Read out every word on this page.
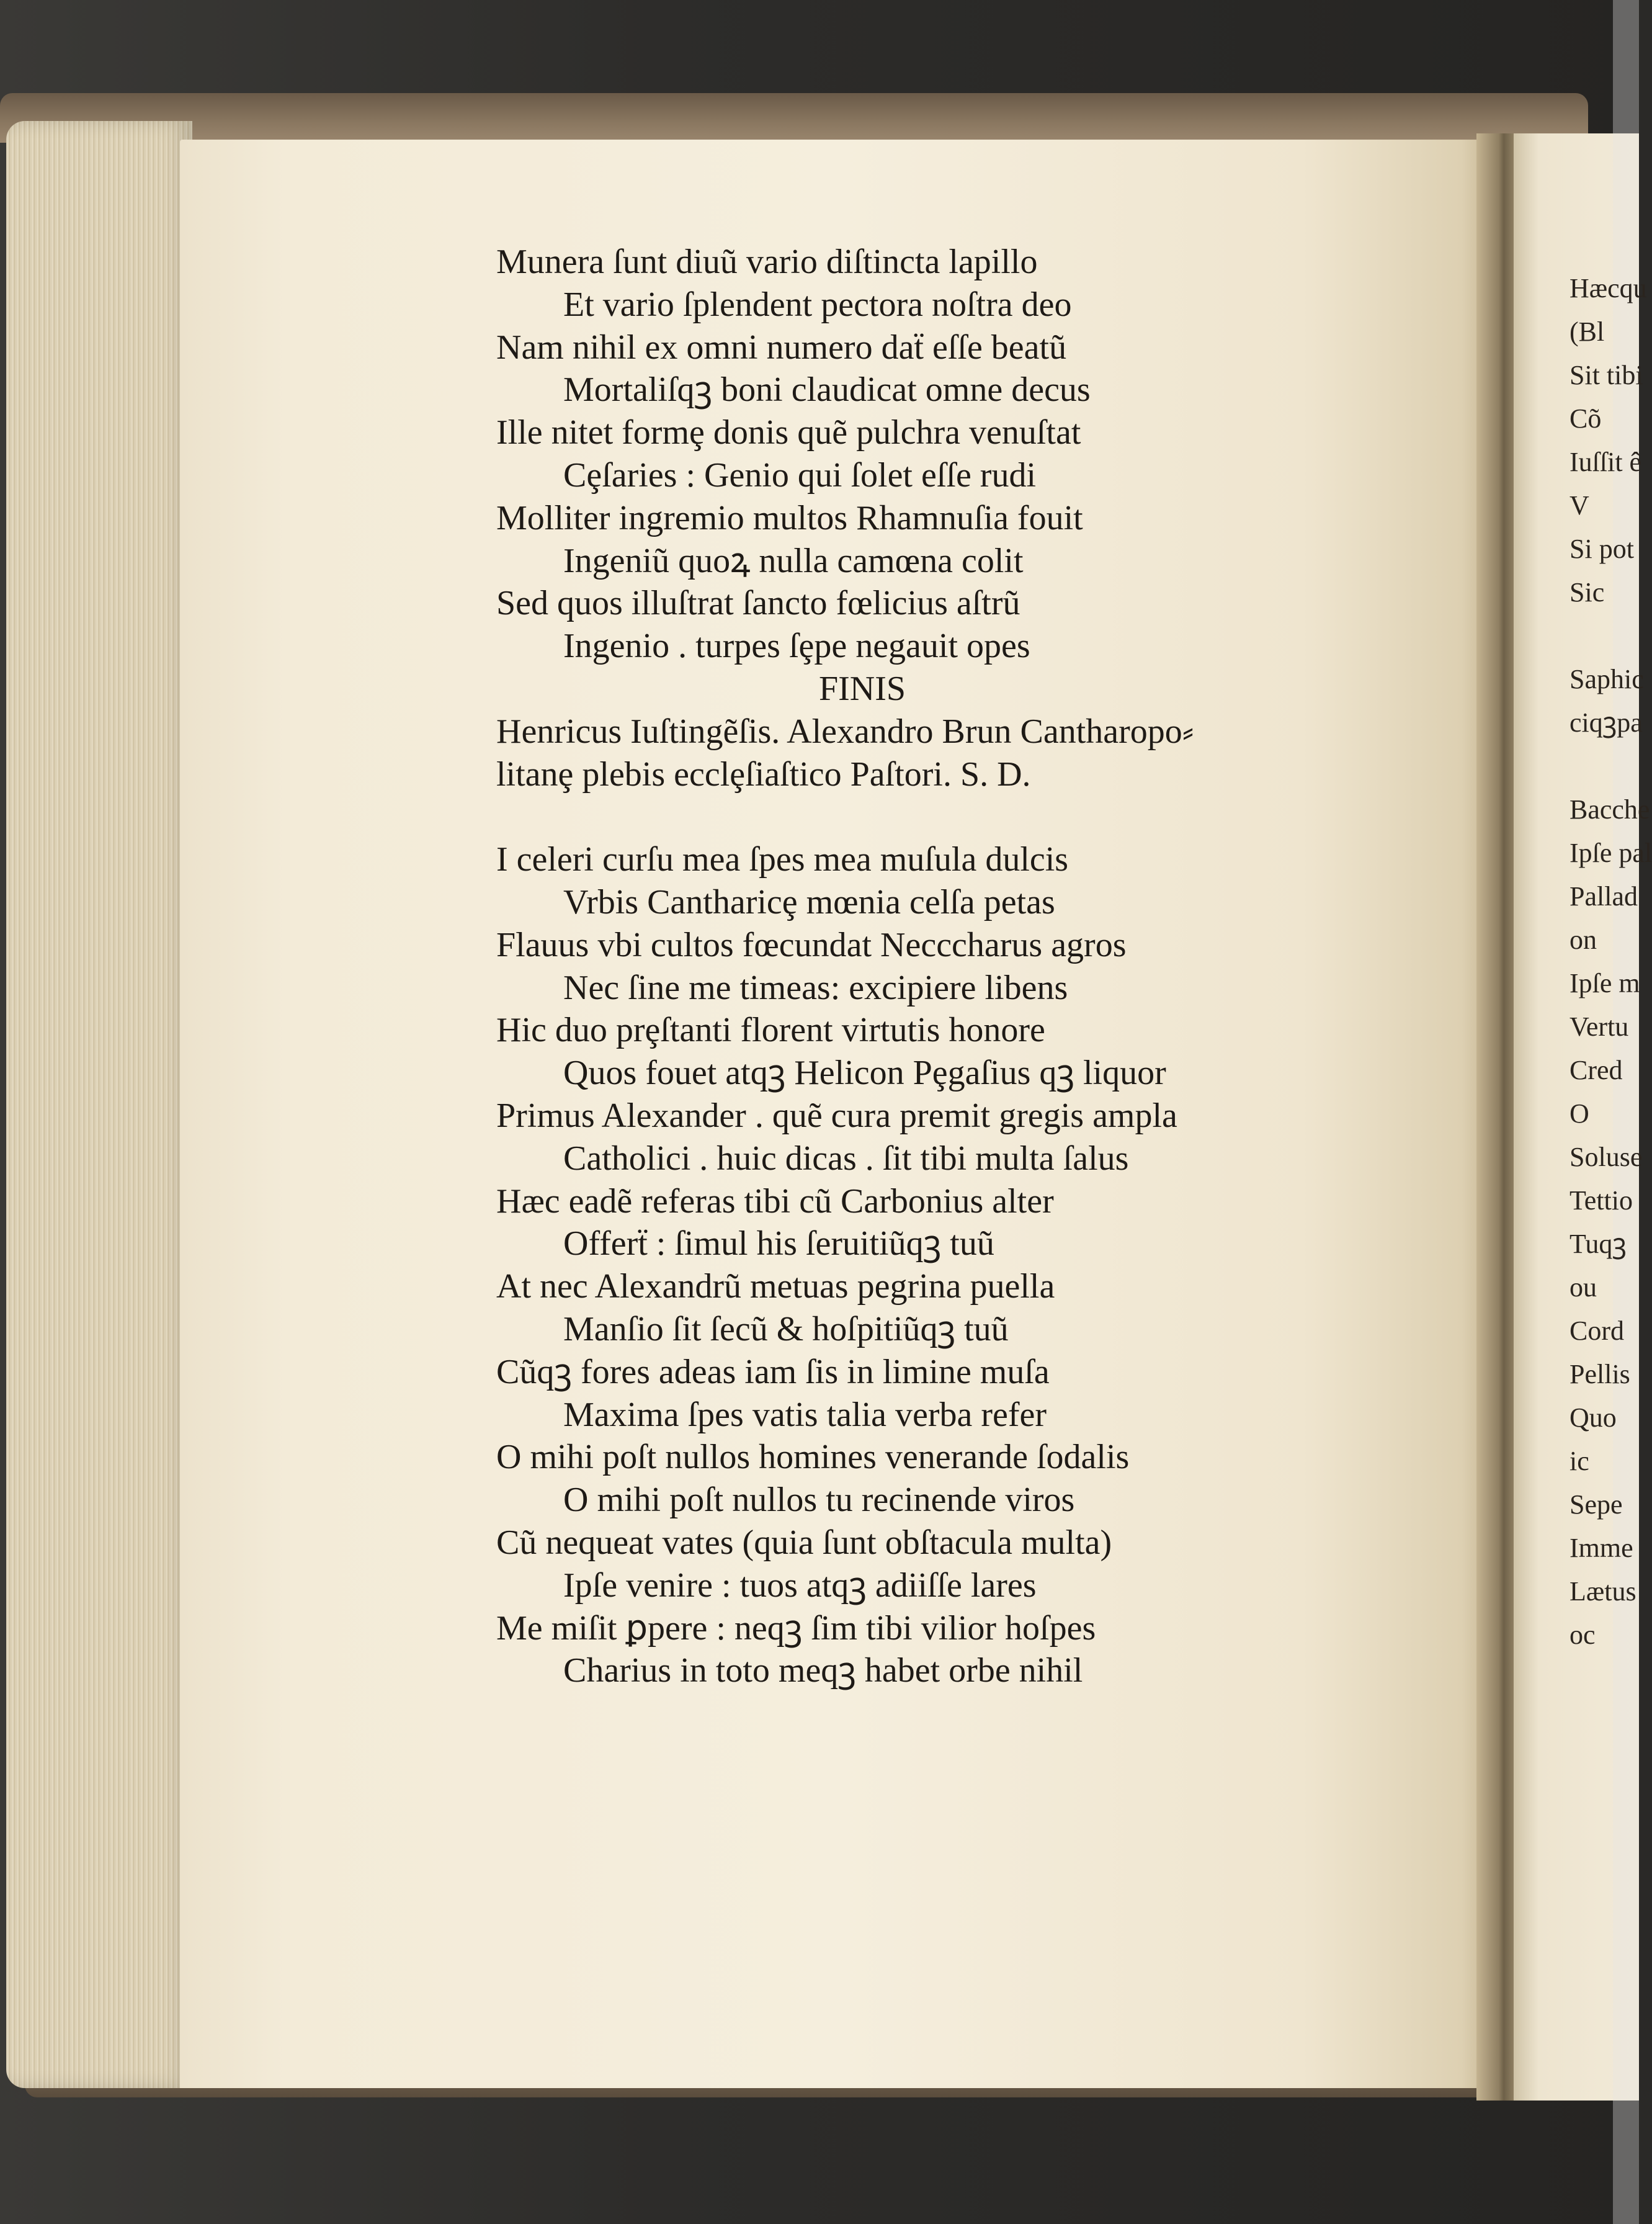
Munera ſunt diuũ vario diſtincta lapillo
Et vario ſplendent pectora noſtra deo
Nam nihil ex omni numero daẗ eſſe beatũ
Mortaliſqꝫ boni claudicat omne decus
Ille nitet formȩ donis quẽ pulchra venuſtat
Cȩſaries : Genio qui ſolet eſſe rudi
Molliter ingremio multos Rhamnuſia fouit
Ingeniũ quoꝝ nulla camœna colit
Sed quos illuſtrat ſancto fœlicius aſtrũ
Ingenio . turpes ſȩpe negauit opes
FINIS
Henricus Iuſtingẽſis. Alexandro Brun Cantharopo⸗
litanȩ plebis ecclȩſiaſtico Paſtori. S. D.
I celeri curſu mea ſpes mea muſula dulcis
Vrbis Cantharicȩ mœnia celſa petas
Flauus vbi cultos fœcundat Necccharus agros
Nec ſine me timeas: excipiere libens
Hic duo prȩſtanti florent virtutis honore
Quos fouet atqꝫ Helicon Pȩgaſius qꝫ liquor
Primus Alexander . quẽ cura premit gregis ampla
Catholici . huic dicas . ſit tibi multa ſalus
Hæc eadẽ referas tibi cũ Carbonius alter
Offerẗ : ſimul his ſeruitiũqꝫ tuũ
At nec Alexandrũ metuas pegrina puella
Manſio ſit ſecũ & hoſpitiũqꝫ tuũ
Cũqꝫ fores adeas iam ſis in limine muſa
Maxima ſpes vatis talia verba refer
O mihi poſt nullos homines venerande ſodalis
O mihi poſt nullos tu recinende viros
Cũ nequeat vates (quia ſunt obſtacula multa)
Ipſe venire : tuos atqꝫ adiiſſe lares
Me miſit ꝑpere : neqꝫ ſim tibi vilior hoſpes
Charius in toto meqꝫ habet orbe nihil
Hæcqu
(Bl
Sit tibi
Cõ
Iuſſit ê
V
Si pot
Sic
Saphic
ciqꝫpa
Bacche
Ipſe pal
Pallad
on
Ipſe m
Vertu
Cred
O
Soluse
Tettio
Tuqꝫ
ou
Cord
Pellis
Quo
ic
Sepe
Imme
Lætus
oc
